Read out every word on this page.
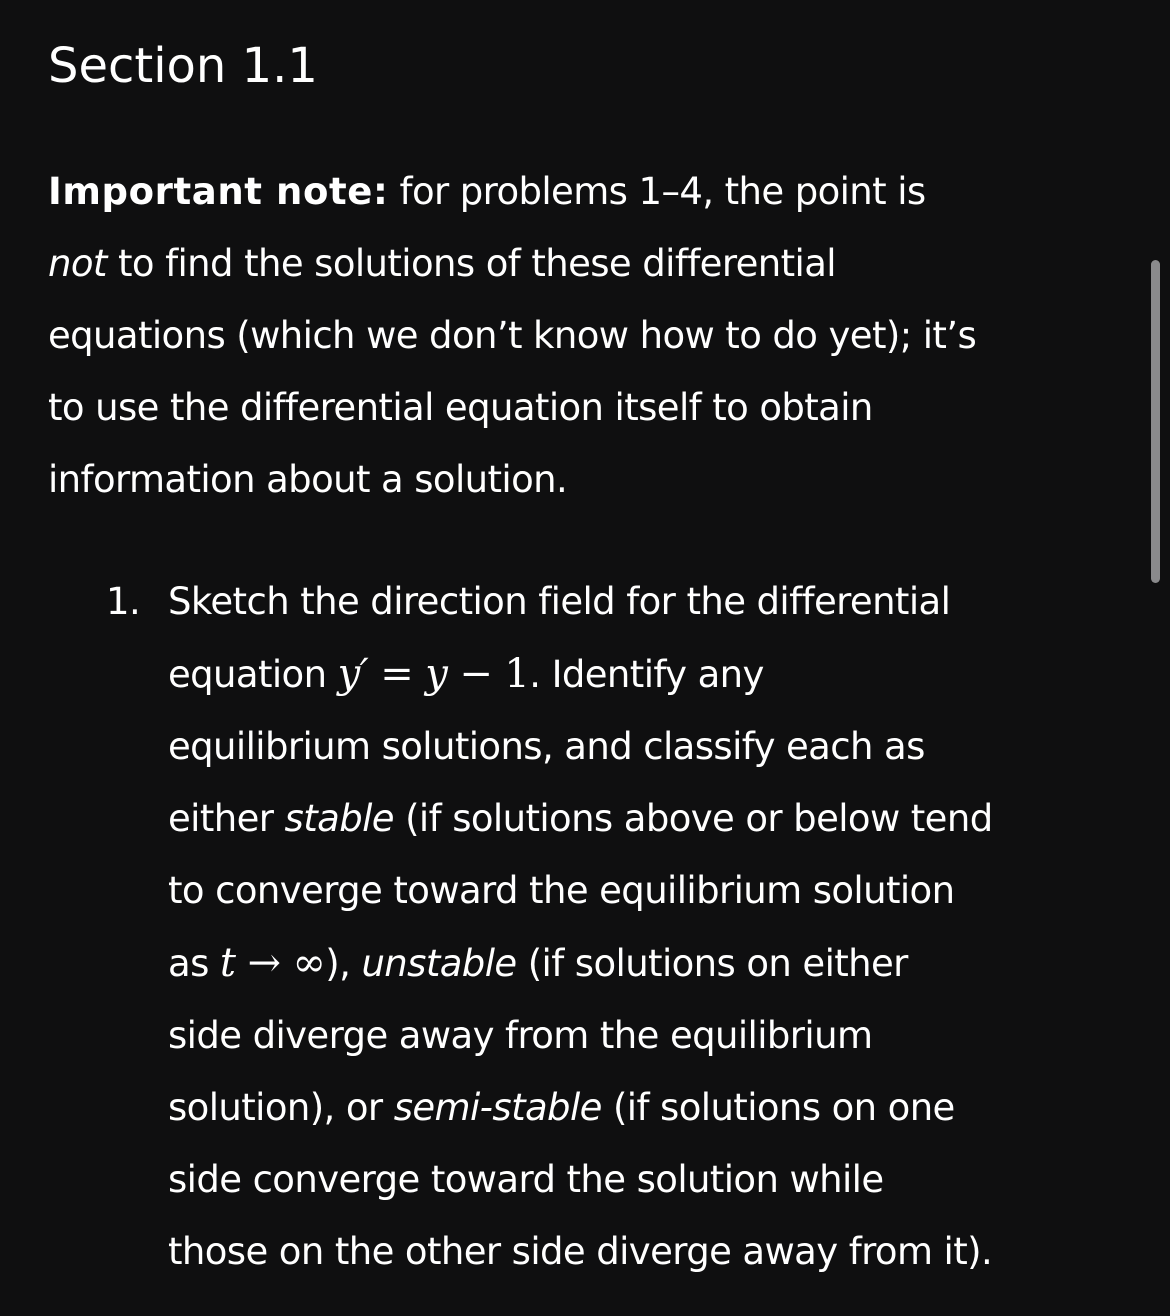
Section 1.1
Important note: for problems 1–4, the point is
not to find the solutions of these differential
equations (which we don’t know how to do yet); it’s
to use the differential equation itself to obtain
information about a solution.
1. Sketch the direction field for the differential
equation y′ = y − 1. Identify any
equilibrium solutions, and classify each as
either stable (if solutions above or below tend
to converge toward the equilibrium solution
as t → ∞), unstable (if solutions on either
side diverge away from the equilibrium
solution), or semi-stable (if solutions on one
side converge toward the solution while
those on the other side diverge away from it).
